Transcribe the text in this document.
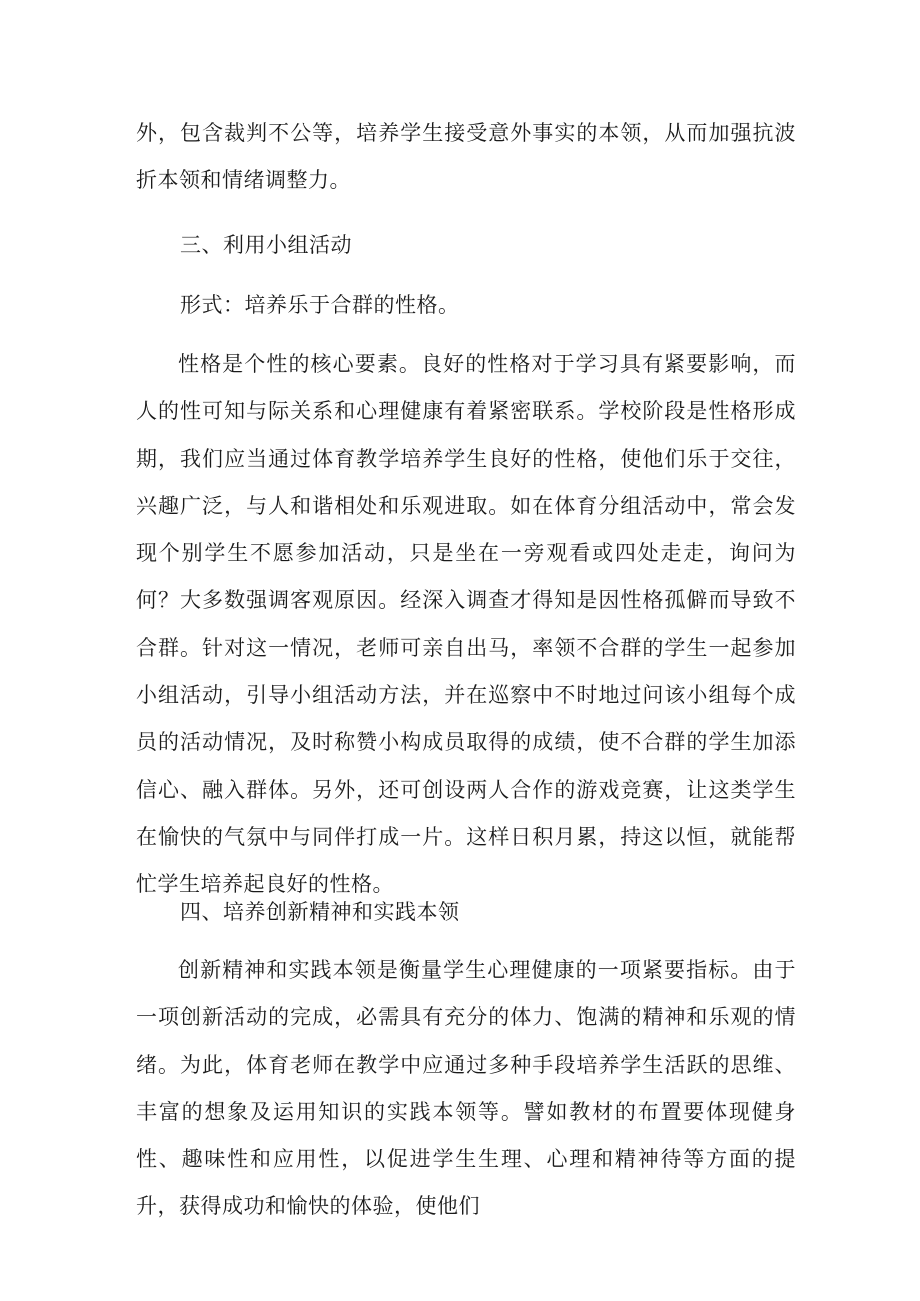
外，包含裁判不公等，培养学生接受意外事实的本领，从而加强抗波折本领和情绪调整力。
三、利用小组活动
形式：培养乐于合群的性格。
性格是个性的核心要素。良好的性格对于学习具有紧要影响，而人的性可知与际关系和心理健康有着紧密联系。学校阶段是性格形成期，我们应当通过体育教学培养学生良好的性格，使他们乐于交往，兴趣广泛，与人和谐相处和乐观进取。如在体育分组活动中，常会发现个别学生不愿参加活动，只是坐在一旁观看或四处走走，询问为何？大多数强调客观原因。经深入调查才得知是因性格孤僻而导致不合群。针对这一情况，老师可亲自出马，率领不合群的学生一起参加小组活动，引导小组活动方法，并在巡察中不时地过问该小组每个成员的活动情况，及时称赞小构成员取得的成绩，使不合群的学生加添信心、融入群体。另外，还可创设两人合作的游戏竞赛，让这类学生在愉快的气氛中与同伴打成一片。这样日积月累，持这以恒，就能帮忙学生培养起良好的性格。
四、培养创新精神和实践本领
创新精神和实践本领是衡量学生心理健康的一项紧要指标。由于一项创新活动的完成，必需具有充分的体力、饱满的精神和乐观的情绪。为此，体育老师在教学中应通过多种手段培养学生活跃的思维、丰富的想象及运用知识的实践本领等。譬如教材的布置要体现健身性、趣味性和应用性，以促进学生生理、心理和精神待等方面的提升，获得成功和愉快的体验，使他们
